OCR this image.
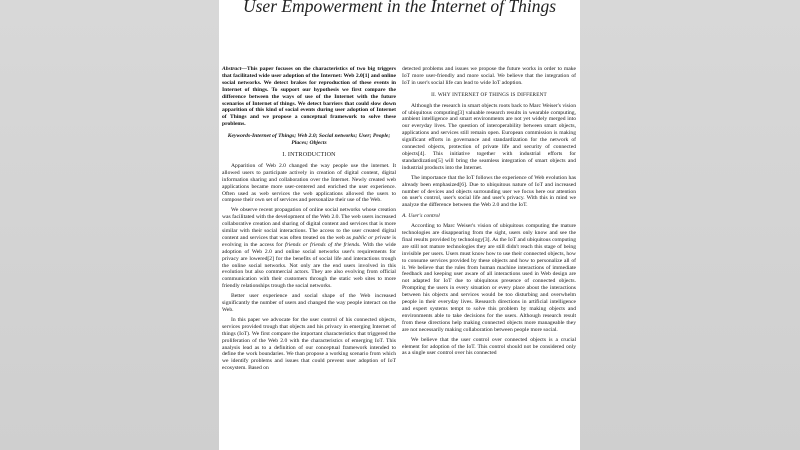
User Empowerment in the Internet of Things

Abstract—This paper focuses on the characteristics of two big triggers that facilitated wide user adoption of the Internet: Web 2.0[1] and online social networks. We detect brakes for reproduction of these events in Internet of things. To support our hypothesis we first compare the difference between the ways of use of the Internet with the future scenarios of Internet of things. We detect barriers that could slow down apparition of this kind of social events during user adoption of Internet of Things and we propose a conceptual framework to solve these problems.

Keywords-Internet of Things; Web 2.0; Social networks; User; People; Places; Objects

I. INTRODUCTION

Apparition of Web 2.0 changed the way people use the internet. It allowed users to participate actively in creation of digital content, digital information sharing and collaboration over the Internet. Newly created web applications became more user-centered and enriched the user experience. Often used as web services the web applications allowed the users to compose their own set of services and personalize their use of the Web.

We observe recent propagation of online social networks whose creation was facilitated with the development of the Web 2.0. The web users increased collaborative creation and sharing of digital content and services that is more similar with their social interactions. The access to the user created digital content and services that was often treated on the web as public or private is evolving in the access for friends or friends of the friends. With the wide adoption of Web 2.0 and online social networks user's requirements for privacy are lowered[2] for the benefits of social life and interactions trough the online social networks. Not only are the end users involved in this evolution but also commercial actors. They are also evolving from official communication with their customers through the static web sites to more friendly relationships trough the social networks.

Better user experience and social shape of the Web increased significantly the number of users and changed the way people interact on the Web.

In this paper we advocate for the user control of his connected objects, services provided trough that objects and his privacy in emerging Internet of things (IoT). We first compare the important characteristics that triggered the proliferation of the Web 2.0 with the characteristics of emerging IoT. This analysis lead as to a definition of our conceptual framework intended to define the work boundaries. We than propose a working scenario from which we identify problems and issues that could prevent user adoption of IoT ecosystem. Based on

detected problems and issues we propose the future works in order to make IoT more user-friendly and more social. We believe that the integration of IoT in user's social life can lead to wide IoT adoption.

II. WHY INTERNET OF THINGS IS DIFFERENT

Although the research in smart objects roots back to Marc Weiser's vision of ubiquitous computing[3] valuable research results in wearable computing, ambient intelligence and smart environments are not yet widely merged into our everyday lives. The question of interoperability between smart objects, applications and services still remain open. European commission is making significant efforts in governance and standardization for the network of connected objects, protection of private life and security of connected objects[4]. This initiative together with industrial efforts for standardization[5] will bring the seamless integration of smart objects and industrial products into the Internet.

The importance that the IoT follows the experience of Web evolution has already been emphasized[6]. Due to ubiquitous nature of IoT and increased number of devices and objects surrounding user we focus here our attention on user's control, user's social life and user's privacy. With this in mind we analyze the difference between the Web 2.0 and the IoT.

A. User's control

According to Marc Weiser's vision of ubiquitous computing the mature technologies are disappearing from the sight, users only know and see the final results provided by technology[3]. As the IoT and ubiquitous computing are still not mature technologies they are still didn't reach this stage of being invisible per users. Users must know how to use their connected objects, how to consume services provided by these objects and how to personalize all of it. We believe that the rules from human machine interactions of immediate feedback and keeping user aware of all interactions used in Web design are not adapted for IoT due to ubiquitous presence of connected objects. Prompting the users in every situation or every place about the interactions between his objects and services would be too disturbing and overwhelm people in their everyday lives. Research directions in artificial intelligence and expert systems tempt to solve this problem by making objects and environments able to take decisions for the users. Although research result from these directions help making connected objects more manageable they are not necessarily making collaboration between people more social.

We believe that the user control over connected objects is a crucial element for adoption of the IoT. This control should not be considered only as a single user control over his connected
